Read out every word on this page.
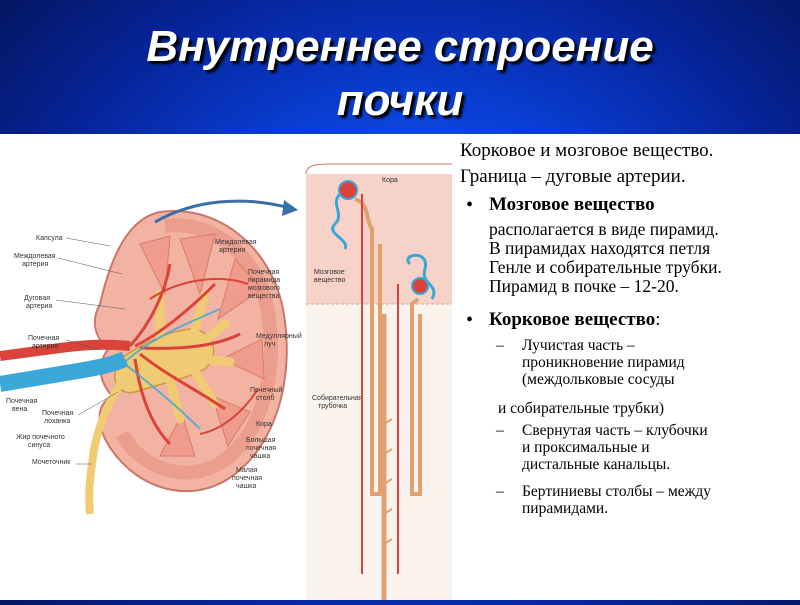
Внутреннее строение
почки
Капсула
Междолевая
артерия
Дуговая
артерия
Почечная
артерия
Почечная
вена
Почечная
лоханка
Жир почечного
синуса
Мочеточник
Междолевая
артерия
Почечная
пирамида
мозгового
вещества
Медуллярный
луч
Почечный
столб
Кора
Большая
почечная
чашка
Малая
почечная
чашка
Кора
Мозговое
вещество
Собирательная
трубочка
Корковое и мозговое вещество.
Граница – дуговые артерии.
• Мозговое вещество
располагается в виде пирамид.
В пирамидах находятся петля
Генле и собирательные трубки.
Пирамид в почке – 12-20.
• Корковое вещество:
– Лучистая часть –
проникновение пирамид
(междольковые сосуды
и собирательные трубки)
– Свернутая часть – клубочки
и проксимальные и
дистальные канальцы.
– Бертиниевы столбы – между
пирамидами.
